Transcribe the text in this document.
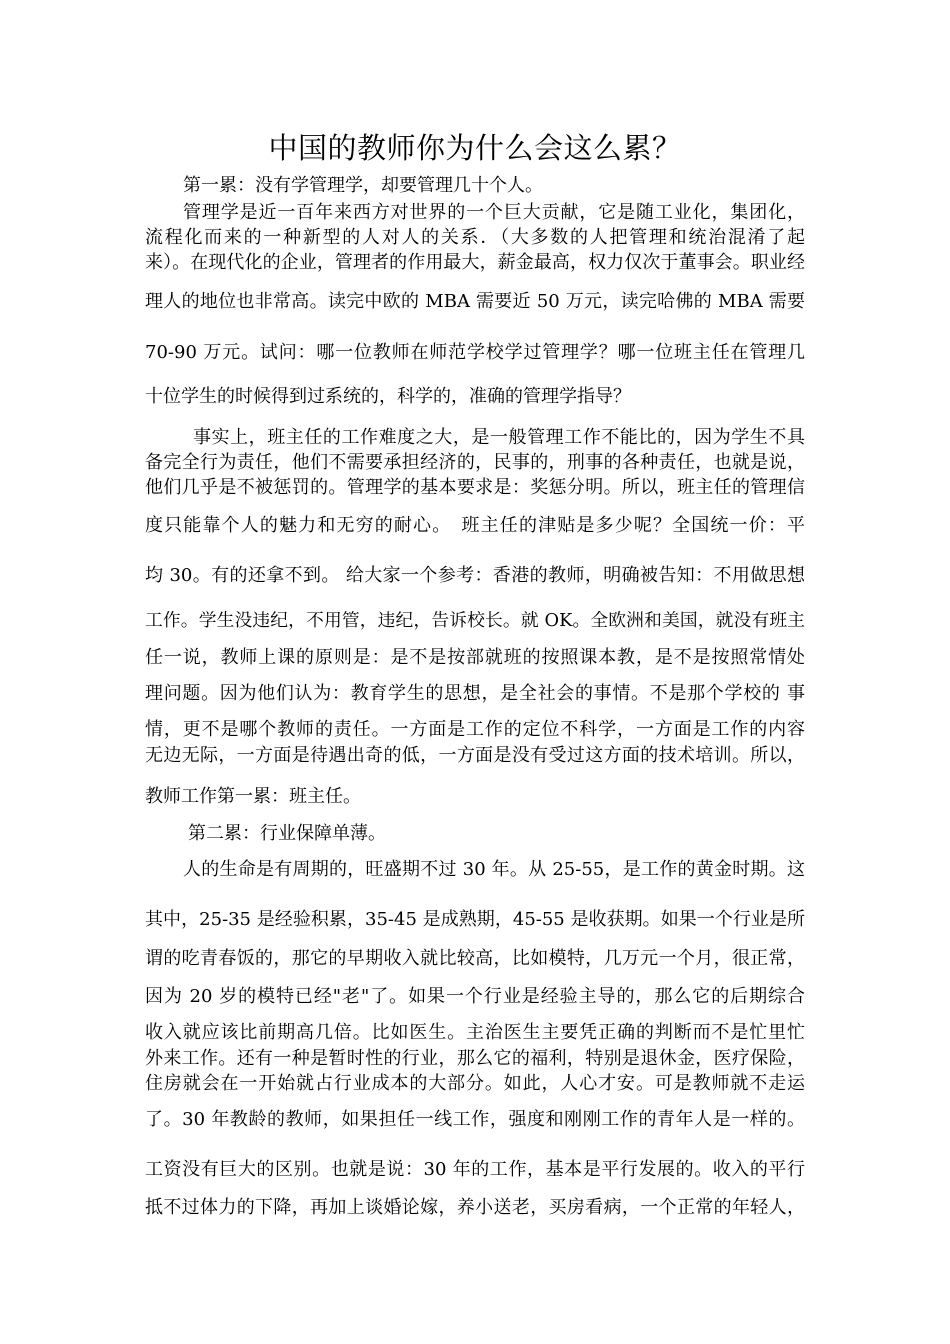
中国的教师你为什么会这么累？
第一累：没有学管理学，却要管理几十个人。
管理学是近一百年来西方对世界的一个巨大贡献，它是随工业化，集团化，
流程化而来的一种新型的人对人的关系．（大多数的人把管理和统治混淆了起
来）。在现代化的企业，管理者的作用最大，薪金最高，权力仅次于董事会。职业经
理人的地位也非常高。读完中欧的 MBA 需要近 50 万元，读完哈佛的 MBA 需要
70-90 万元。试问：哪一位教师在师范学校学过管理学？哪一位班主任在管理几
十位学生的时候得到过系统的，科学的，准确的管理学指导？
事实上，班主任的工作难度之大，是一般管理工作不能比的，因为学生不具
备完全行为责任，他们不需要承担经济的，民事的，刑事的各种责任，也就是说，
他们几乎是不被惩罚的。管理学的基本要求是：奖惩分明。所以，班主任的管理信
度只能靠个人的魅力和无穷的耐心。　班主任的津贴是多少呢？全国统一价：平
均 30。有的还拿不到。 给大家一个参考：香港的教师，明确被告知：不用做思想
工作。学生没违纪，不用管，违纪，告诉校长。就 OK。全欧洲和美国，就没有班主
任一说，教师上课的原则是：是不是按部就班的按照课本教，是不是按照常情处
理问题。因为他们认为：教育学生的思想，是全社会的事情。不是那个学校的 事
情，更不是哪个教师的责任。一方面是工作的定位不科学，一方面是工作的内容
无边无际，一方面是待遇出奇的低，一方面是没有受过这方面的技术培训。所以，
教师工作第一累：班主任。
第二累：行业保障单薄。
人的生命是有周期的，旺盛期不过 30 年。从 25-55，是工作的黄金时期。这
其中，25-35 是经验积累，35-45 是成熟期，45-55 是收获期。如果一个行业是所
谓的吃青春饭的，那它的早期收入就比较高，比如模特，几万元一个月，很正常，
因为 20 岁的模特已经"老"了。如果一个行业是经验主导的，那么它的后期综合
收入就应该比前期高几倍。比如医生。主治医生主要凭正确的判断而不是忙里忙
外来工作。还有一种是暂时性的行业，那么它的福利，特别是退休金，医疗保险，
住房就会在一开始就占行业成本的大部分。如此，人心才安。可是教师就不走运
了。30 年教龄的教师，如果担任一线工作，强度和刚刚工作的青年人是一样的。
工资没有巨大的区别。也就是说：30 年的工作，基本是平行发展的。收入的平行
抵不过体力的下降，再加上谈婚论嫁，养小送老，买房看病，一个正常的年轻人，
